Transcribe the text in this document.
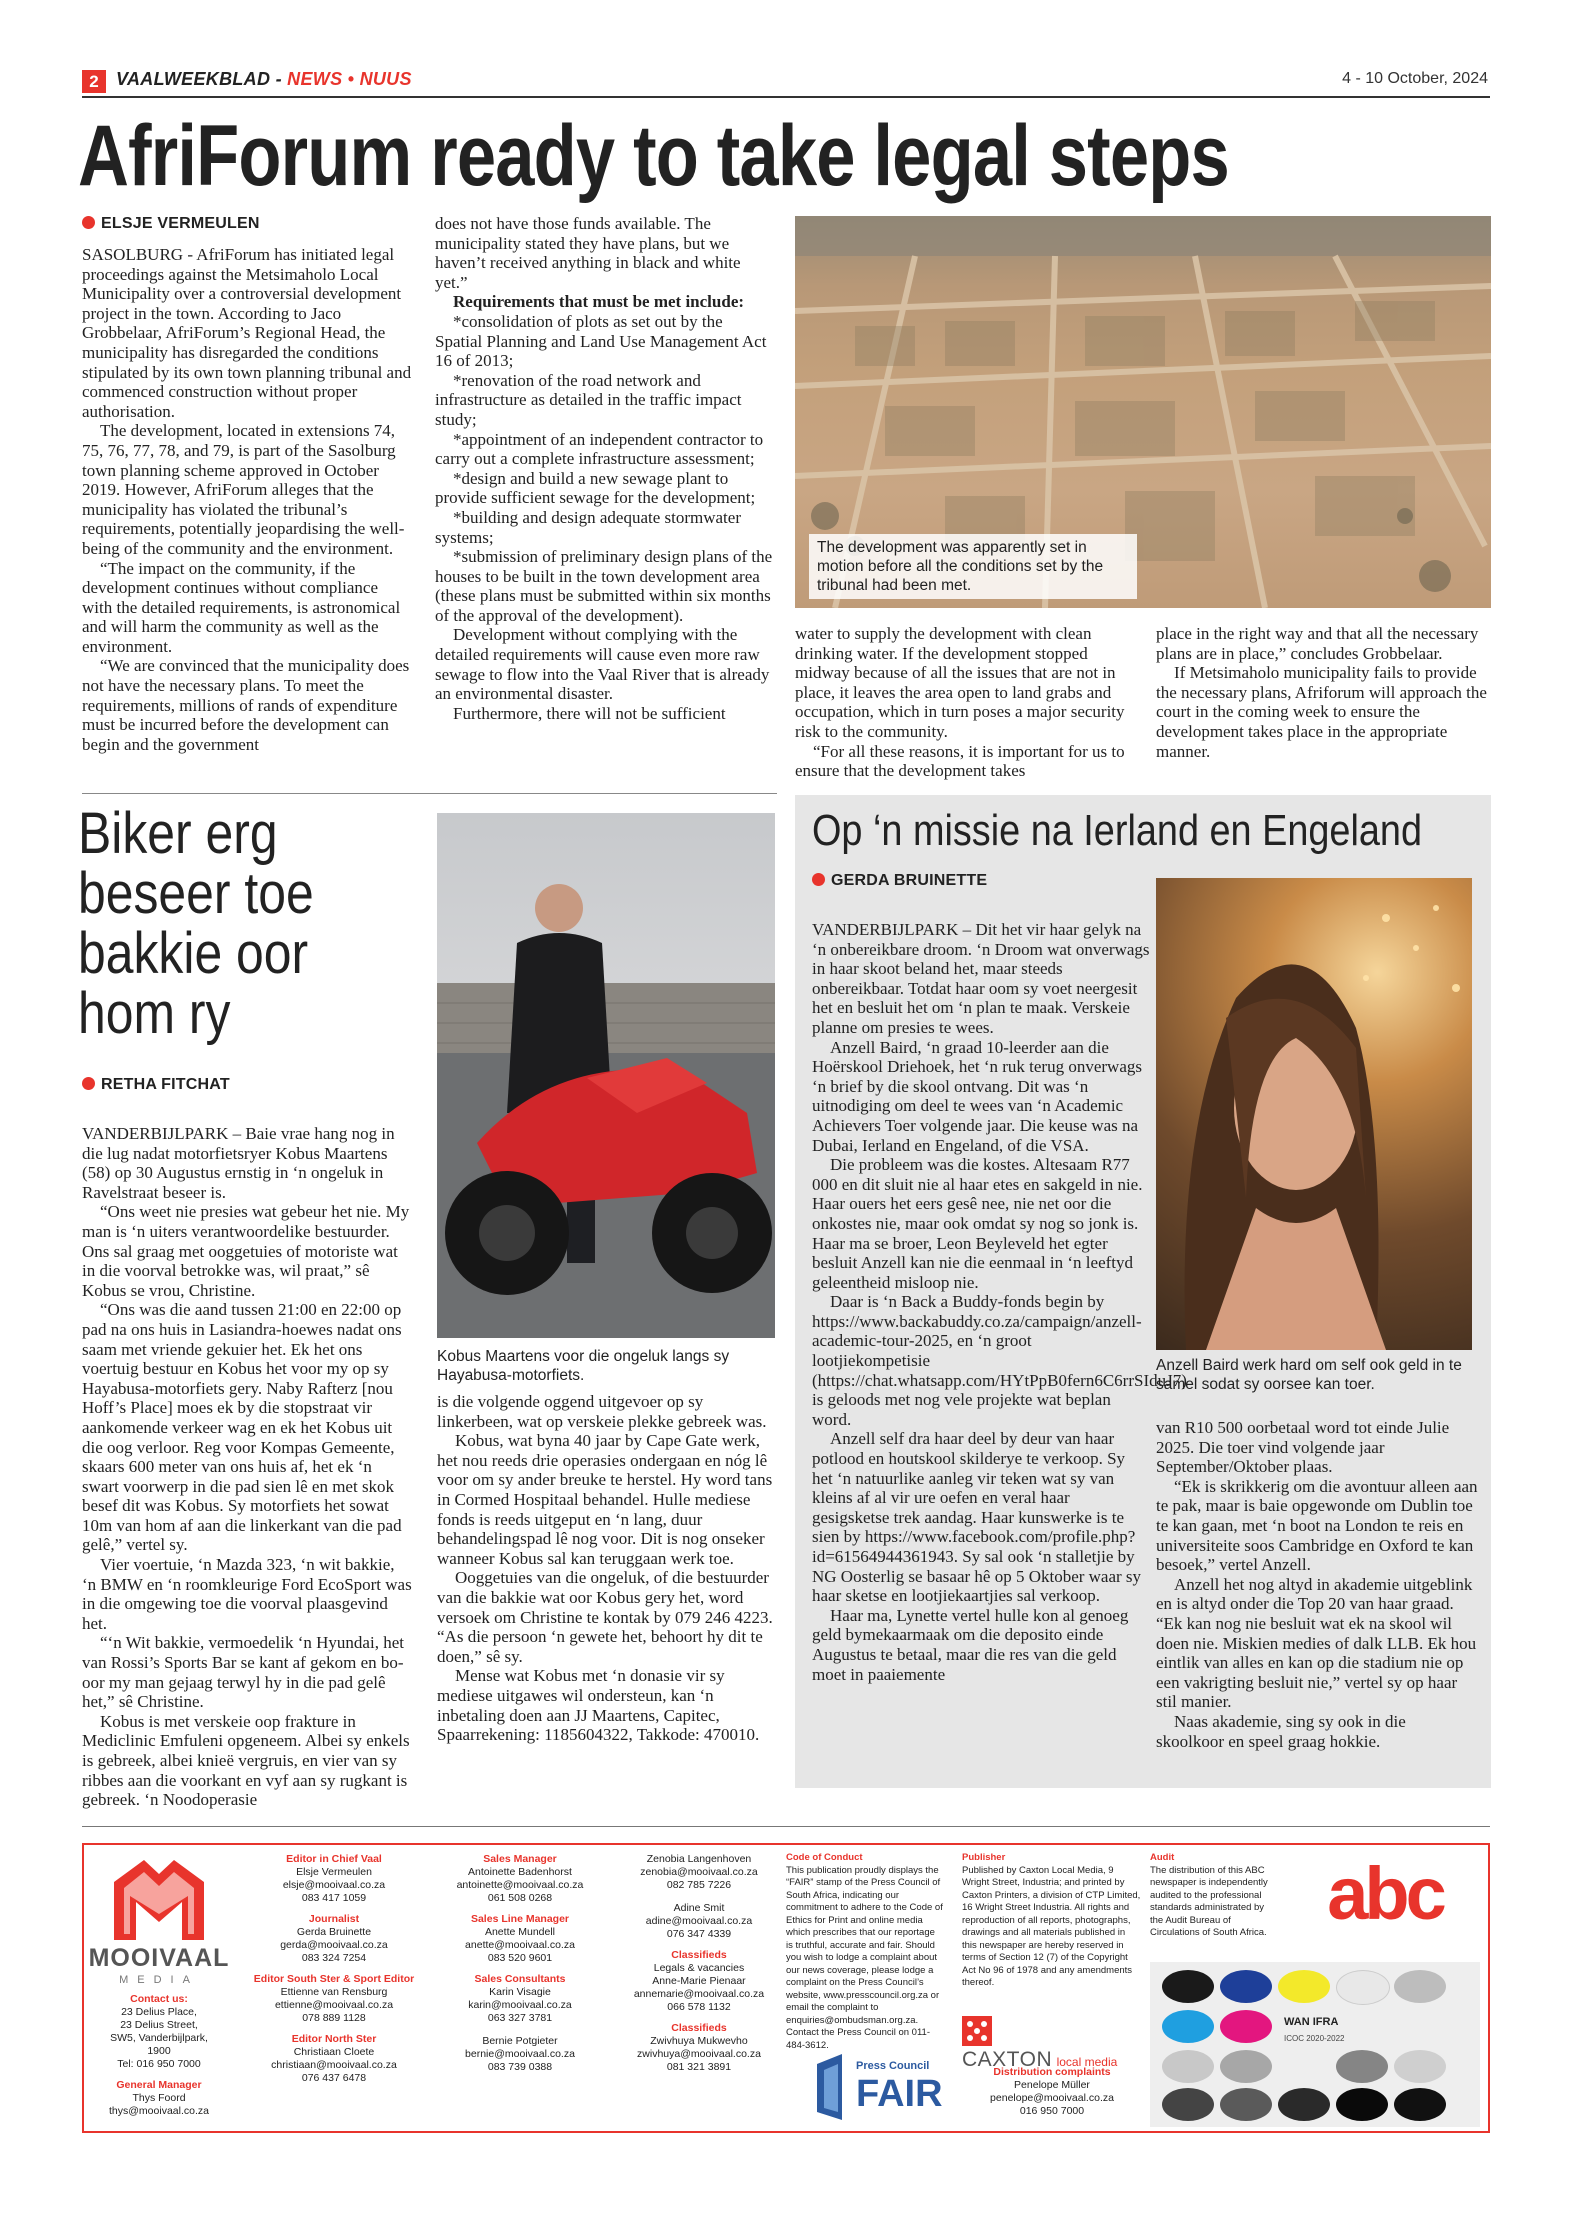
2 VAALWEEKBLAD - NEWS • NUUS	4 - 10 October, 2024
AfriForum ready to take legal steps
ELSJE VERMEULEN

SASOLBURG - AfriForum has initiated legal proceedings against the Metsimaholo Local Municipality over a controversial development project in the town. According to Jaco Grobbelaar, AfriForum’s Regional Head, the municipality has disregarded the conditions stipulated by its own town planning tribunal and commenced construction without proper authorisation.

The development, located in extensions 74, 75, 76, 77, 78, and 79, is part of the Sasolburg town planning scheme approved in October 2019. However, AfriForum alleges that the municipality has violated the tribunal’s requirements, potentially jeopardising the well-being of the community and the environment.

“The impact on the community, if the development continues without compliance with the detailed requirements, is astronomical and will harm the community as well as the environment.

“We are convinced that the municipality does not have the necessary plans. To meet the requirements, millions of rands of expenditure must be incurred before the development can begin and the government

does not have those funds available. The municipality stated they have plans, but we haven’t received anything in black and white yet.”

Requirements that must be met include:

*consolidation of plots as set out by the Spatial Planning and Land Use Management Act 16 of 2013;

*renovation of the road network and infrastructure as detailed in the traffic impact study;

*appointment of an independent contractor to carry out a complete infrastructure assessment;

*design and build a new sewage plant to provide sufficient sewage for the development;

*building and design adequate stormwater systems;

*submission of preliminary design plans of the houses to be built in the town development area (these plans must be submitted within six months of the approval of the development).

Development without complying with the detailed requirements will cause even more raw sewage to flow into the Vaal River that is already an environmental disaster.

Furthermore, there will not be sufficient

The development was apparently set in motion before all the conditions set by the tribunal had been met.

water to supply the development with clean drinking water. If the development stopped midway because of all the issues that are not in place, it leaves the area open to land grabs and occupation, which in turn poses a major security risk to the community.

“For all these reasons, it is important for us to ensure that the development takes

place in the right way and that all the necessary plans are in place,” concludes Grobbelaar.

If Metsimaholo municipality fails to provide the necessary plans, Afriforum will approach the court in the coming week to ensure the development takes place in the appropriate manner.

Biker erg
beseer toe
bakkie oor
hom ry
RETHA FITCHAT

VANDERBIJLPARK – Baie vrae hang nog in die lug nadat motorfietsryer Kobus Maartens (58) op 30 Augustus ernstig in ‘n ongeluk in Ravelstraat beseer is.

“Ons weet nie presies wat gebeur het nie. My man is ‘n uiters verantwoordelike bestuurder. Ons sal graag met ooggetuies of motoriste wat in die voorval betrokke was, wil praat,” sê Kobus se vrou, Christine.

“Ons was die aand tussen 21:00 en 22:00 op pad na ons huis in Lasiandra-hoewes nadat ons saam met vriende gekuier het. Ek het ons voertuig bestuur en Kobus het voor my op sy Hayabusa-motorfiets gery. Naby Rafterz [nou Hoff’s Place] moes ek by die stopstraat vir aankomende verkeer wag en ek het Kobus uit die oog verloor. Reg voor Kompas Gemeente, skaars 600 meter van ons huis af, het ek ‘n swart voorwerp in die pad sien lê en met skok besef dit was Kobus. Sy motorfiets het sowat 10m van hom af aan die linkerkant van die pad gelê,” vertel sy.

Vier voertuie, ‘n Mazda 323, ‘n wit bakkie, ‘n BMW en ‘n roomkleurige Ford EcoSport was in die omgewing toe die voorval plaasgevind het.

“‘n Wit bakkie, vermoedelik ‘n Hyundai, het van Rossi’s Sports Bar se kant af gekom en bo-oor my man gejaag terwyl hy in die pad gelê het,” sê Christine.

Kobus is met verskeie oop frakture in Mediclinic Emfuleni opgeneem. Albei sy enkels is gebreek, albei knieë vergruis, en vier van sy ribbes aan die voorkant en vyf aan sy rugkant is gebreek. ‘n Noodoperasie

Kobus Maartens voor die ongeluk langs sy Hayabusa-motorfiets.

is die volgende oggend uitgevoer op sy linkerbeen, wat op verskeie plekke gebreek was.

Kobus, wat byna 40 jaar by Cape Gate werk, het nou reeds drie operasies ondergaan en nóg lê voor om sy ander breuke te herstel. Hy word tans in Cormed Hospitaal behandel. Hulle mediese fonds is reeds uitgeput en ‘n lang, duur behandelingspad lê nog voor. Dit is nog onseker wanneer Kobus sal kan teruggaan werk toe.

Ooggetuies van die ongeluk, of die bestuurder van die bakkie wat oor Kobus gery het, word versoek om Christine te kontak by 079 246 4223. “As die persoon ‘n gewete het, behoort hy dit te doen,” sê sy.

Mense wat Kobus met ‘n donasie vir sy mediese uitgawes wil ondersteun, kan ‘n inbetaling doen aan JJ Maartens, Capitec, Spaarrekening: 1185604322, Takkode: 470010.

Op ‘n missie na Ierland en Engeland
GERDA BRUINETTE

VANDERBIJLPARK – Dit het vir haar gelyk na ‘n onbereikbare droom. ‘n Droom wat onverwags in haar skoot beland het, maar steeds onbereikbaar. Totdat haar oom sy voet neergesit het en besluit het om ‘n plan te maak. Verskeie planne om presies te wees.

Anzell Baird, ‘n graad 10-leerder aan die Hoërskool Driehoek, het ‘n ruk terug onverwags ‘n brief by die skool ontvang. Dit was ‘n uitnodiging om deel te wees van ‘n Academic Achievers Toer volgende jaar. Die keuse was na Dubai, Ierland en Engeland, of die VSA.

Die probleem was die kostes. Altesaam R77 000 en dit sluit nie al haar etes en sakgeld in nie. Haar ouers het eers gesê nee, nie net oor die onkostes nie, maar ook omdat sy nog so jonk is. Haar ma se broer, Leon Beyleveld het egter besluit Anzell kan nie die eenmaal in ‘n leeftyd geleentheid misloop nie.

Daar is ‘n Back a Buddy-fonds begin by https://www.backabuddy.co.za/campaign/anzell-academic-tour-2025, en ‘n groot lootjiekompetisie (https://chat.whatsapp.com/HYtPpB0fern6C6rrSIduJ7) is geloods met nog vele projekte wat beplan word.

Anzell self dra haar deel by deur van haar potlood en houtskool skilderye te verkoop. Sy het ‘n natuurlike aanleg vir teken wat sy van kleins af al vir ure oefen en veral haar gesigsketse trek aandag. Haar kunswerke is te sien by https://www.facebook.com/profile.php?id=61564944361943. Sy sal ook ‘n stalletjie by NG Oosterlig se basaar hê op 5 Oktober waar sy haar sketse en lootjiekaartjies sal verkoop.

Haar ma, Lynette vertel hulle kon al genoeg geld bymekaarmaak om die deposito einde Augustus te betaal, maar die res van die geld moet in paaiemente

Anzell Baird werk hard om self ook geld in te samel sodat sy oorsee kan toer.

van R10 500 oorbetaal word tot einde Julie 2025. Die toer vind volgende jaar September/Oktober plaas.

“Ek is skrikkerig om die avontuur alleen aan te pak, maar is baie opgewonde om Dublin toe te kan gaan, met ‘n boot na London te reis en universiteite soos Cambridge en Oxford te kan besoek,” vertel Anzell.

Anzell het nog altyd in akademie uitgeblink en is altyd onder die Top 20 van haar graad. “Ek kan nog nie besluit wat ek na skool wil doen nie. Miskien medies of dalk LLB. Ek hou eintlik van alles en kan op die stadium nie op een vakrigting besluit nie,” vertel sy op haar stil manier.

Naas akademie, sing sy ook in die skoolkoor en speel graag hokkie.

MOOIVAAL
MEDIA
Contact us:
23 Delius Place,
23 Delius Street,
SW5, Vanderbijlpark,
1900
Tel: 016 950 7000
General Manager
Thys Foord
thys@mooivaal.co.za
Editor in Chief Vaal
Elsje Vermeulen
elsje@mooivaal.co.za
083 417 1059
Journalist
Gerda Bruinette
gerda@mooivaal.co.za
083 324 7254
Editor South Ster & Sport Editor
Ettienne van Rensburg
ettienne@mooivaal.co.za
078 889 1128
Editor North Ster
Christiaan Cloete
christiaan@mooivaal.co.za
076 437 6478
Sales Manager
Antoinette Badenhorst
antoinette@mooivaal.co.za
061 508 0268
Sales Line Manager
Anette Mundell
anette@mooivaal.co.za
083 520 9601
Sales Consultants
Karin Visagie
karin@mooivaal.co.za
063 327 3781
Bernie Potgieter
bernie@mooivaal.co.za
083 739 0388
Zenobia Langenhoven
zenobia@mooivaal.co.za
082 785 7226
Adine Smit
adine@mooivaal.co.za
076 347 4339
Classifieds
Legals & vacancies
Anne-Marie Pienaar
annemarie@mooivaal.co.za
066 578 1132
Classifieds
Zwivhuya Mukwevho
zwivhuya@mooivaal.co.za
081 321 3891
Code of Conduct
This publication proudly displays the “FAIR” stamp of the Press Council of South Africa, indicating our commitment to adhere to the Code of Ethics for Print and online media which prescribes that our reportage is truthful, accurate and fair. Should you wish to lodge a complaint about our news coverage, please lodge a complaint on the Press Council’s website, www.presscouncil.org.za or email the complaint to enquiries@ombudsman.org.za. Contact the Press Council on 011-484-3612.
Press Council
FAIR
Publisher
Published by Caxton Local Media, 9 Wright Street, Industria; and printed by Caxton Printers, a division of CTP Limited, 16 Wright Street Industria. All rights and reproduction of all reports, photographs, drawings and all materials published in this newspaper are hereby reserved in terms of Section 12 (7) of the Copyright Act No 96 of 1978 and any amendments thereof.
CAXTON local media
Distribution complaints
Penelope Müller
penelope@mooivaal.co.za
016 950 7000
Audit
The distribution of this ABC newspaper is independently audited to the professional standards administrated by the Audit Bureau of Circulations of South Africa. abc
WAN IFRA
ICOC 2020-2022
